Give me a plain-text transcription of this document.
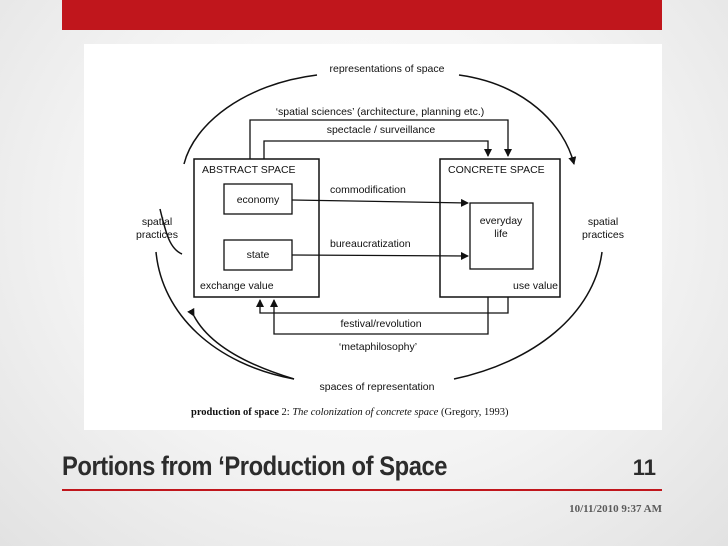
representations of space
spaces of representation
spatial
practices
spatial
practices
‘spatial sciences’ (architecture, planning etc.)
spectacle / surveillance
ABSTRACT SPACE
economy
state
exchange value
CONCRETE SPACE
everyday
life
use value
commodification
bureaucratization
festival/revolution
‘metaphilosophy’
production of space 2: The colonization of concrete space (Gregory, 1993)
Portions from ‘Production of Space	11
10/11/2010 9:37 AM
